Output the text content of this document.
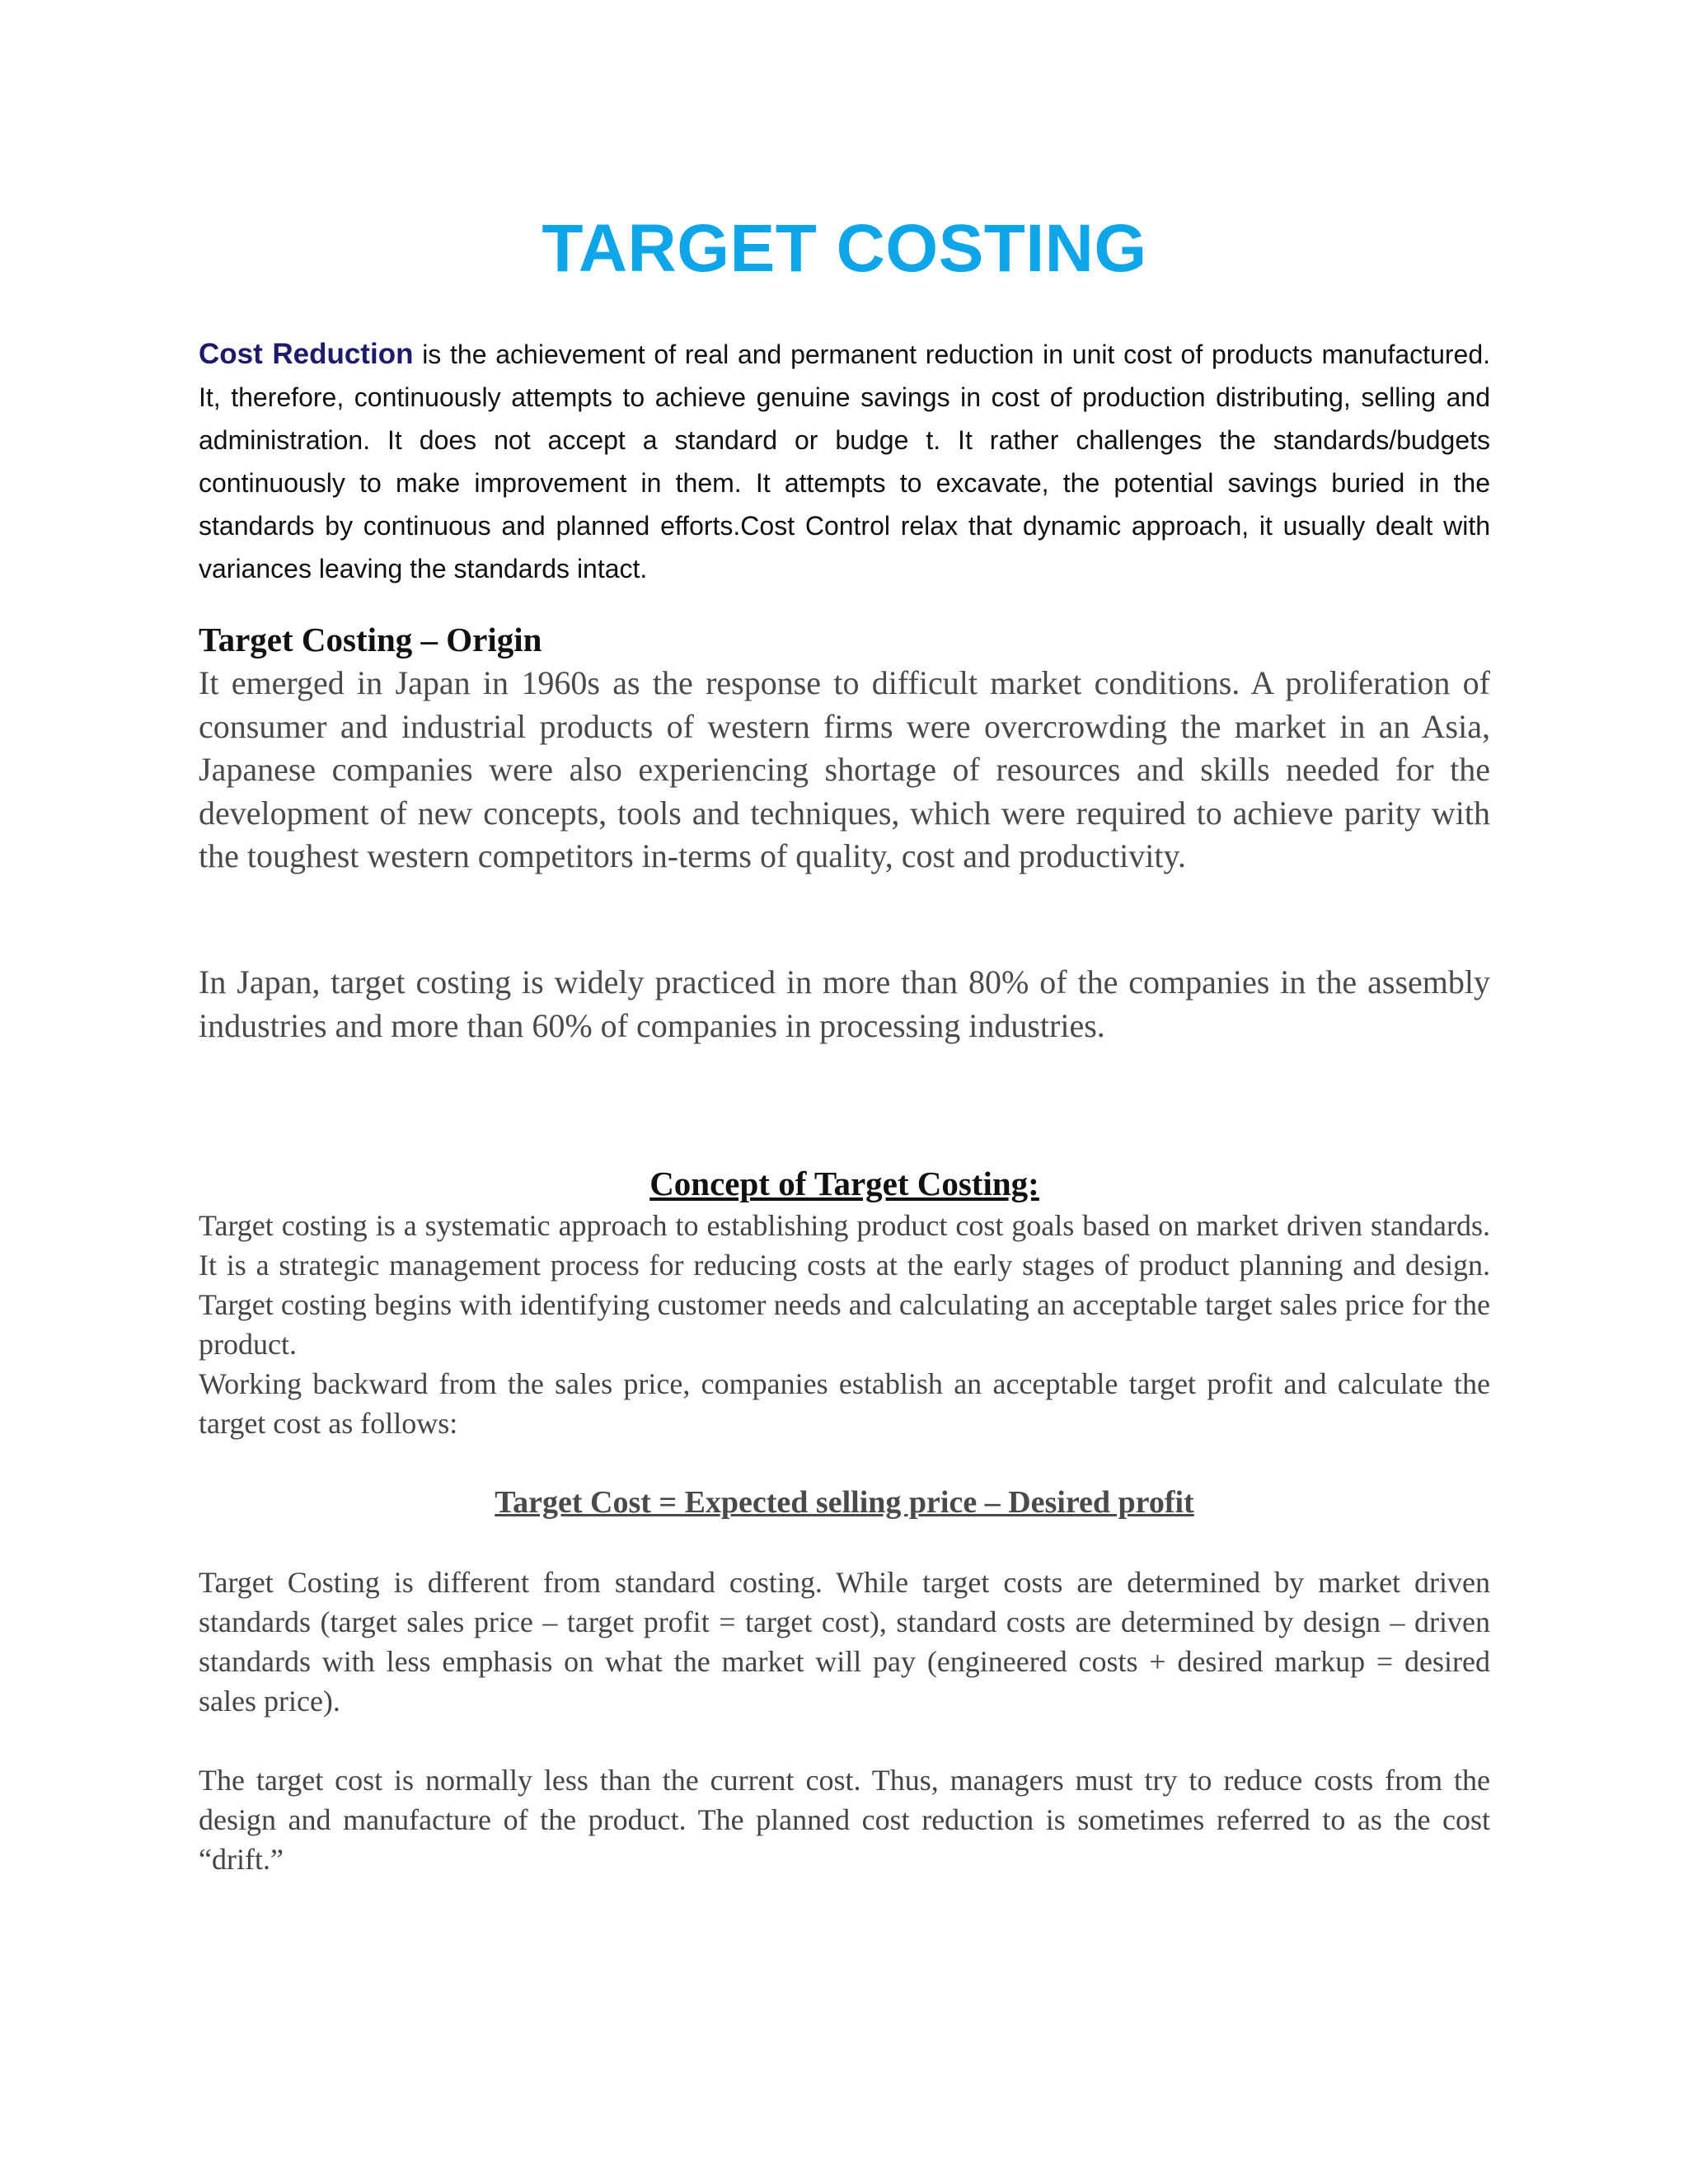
TARGET COSTING

Cost Reduction is the achievement of real and permanent reduction in unit cost of products manufactured. It, therefore, continuously attempts to achieve genuine savings in cost of production distributing, selling and administration. It does not accept a standard or budge t. It rather challenges the standards/budgets continuously to make improvement in them. It attempts to excavate, the potential savings buried in the standards by continuous and planned efforts.Cost Control relax that dynamic approach, it usually dealt with variances leaving the standards intact.

Target Costing – Origin

It emerged in Japan in 1960s as the response to difficult market conditions. A proliferation of consumer and industrial products of western firms were overcrowding the market in an Asia, Japanese companies were also experiencing shortage of resources and skills needed for the development of new concepts, tools and techniques, which were required to achieve parity with the toughest western competitors in-terms of quality, cost and productivity.

In Japan, target costing is widely practiced in more than 80% of the companies in the assembly industries and more than 60% of companies in processing industries.

Concept of Target Costing:

Target costing is a systematic approach to establishing product cost goals based on market driven standards. It is a strategic management process for reducing costs at the early stages of product planning and design. Target costing begins with identifying customer needs and calculating an acceptable target sales price for the product.
Working backward from the sales price, companies establish an acceptable target profit and calculate the target cost as follows:

Target Cost = Expected selling price – Desired profit

Target Costing is different from standard costing. While target costs are determined by market driven standards (target sales price – target profit = target cost), standard costs are determined by design – driven standards with less emphasis on what the market will pay (engineered costs + desired markup = desired sales price).

The target cost is normally less than the current cost. Thus, managers must try to reduce costs from the design and manufacture of the product. The planned cost reduction is sometimes referred to as the cost “drift.”
